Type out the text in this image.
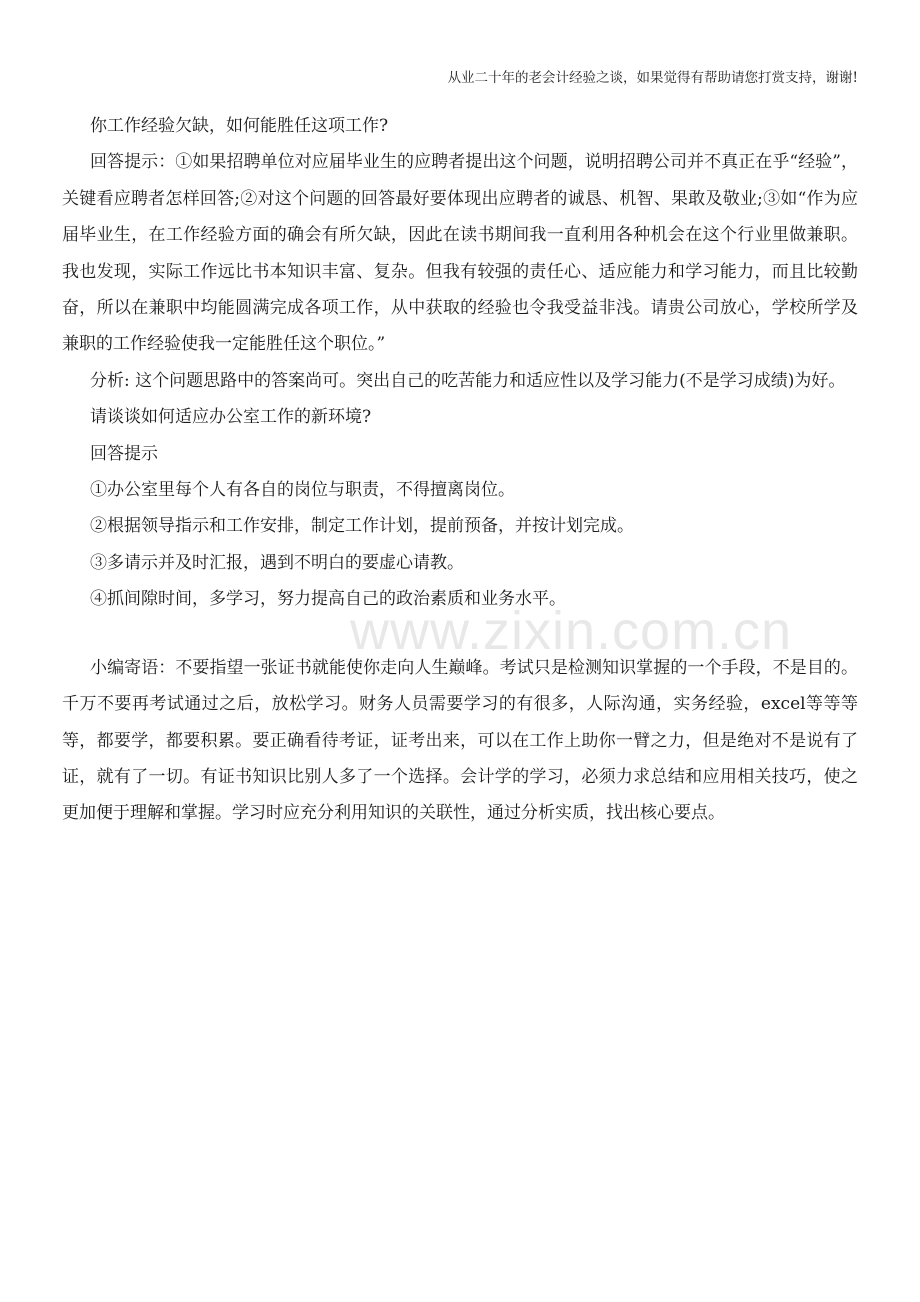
从业二十年的老会计经验之谈，如果觉得有帮助请您打赏支持，谢谢!
www.zixin.com.cn

你工作经验欠缺，如何能胜任这项工作?

回答提示：①如果招聘单位对应届毕业生的应聘者提出这个问题，说明招聘公司并不真正在乎“经验”，关键看应聘者怎样回答;②对这个问题的回答最好要体现出应聘者的诚恳、机智、果敢及敬业;③如“作为应届毕业生，在工作经验方面的确会有所欠缺，因此在读书期间我一直利用各种机会在这个行业里做兼职。我也发现，实际工作远比书本知识丰富、复杂。但我有较强的责任心、适应能力和学习能力，而且比较勤奋，所以在兼职中均能圆满完成各项工作，从中获取的经验也令我受益非浅。请贵公司放心，学校所学及兼职的工作经验使我一定能胜任这个职位。”

分析: 这个问题思路中的答案尚可。突出自己的吃苦能力和适应性以及学习能力(不是学习成绩)为好。

请谈谈如何适应办公室工作的新环境?

回答提示

①办公室里每个人有各自的岗位与职责，不得擅离岗位。

②根据领导指示和工作安排，制定工作计划，提前预备，并按计划完成。

③多请示并及时汇报，遇到不明白的要虚心请教。

④抓间隙时间，多学习，努力提高自己的政治素质和业务水平。

小编寄语：不要指望一张证书就能使你走向人生巅峰。考试只是检测知识掌握的一个手段，不是目的。千万不要再考试通过之后，放松学习。财务人员需要学习的有很多，人际沟通，实务经验，excel等等等等，都要学，都要积累。要正确看待考证，证考出来，可以在工作上助你一臂之力，但是绝对不是说有了证，就有了一切。有证书知识比别人多了一个选择。会计学的学习，必须力求总结和应用相关技巧，使之更加便于理解和掌握。学习时应充分利用知识的关联性，通过分析实质，找出核心要点。
